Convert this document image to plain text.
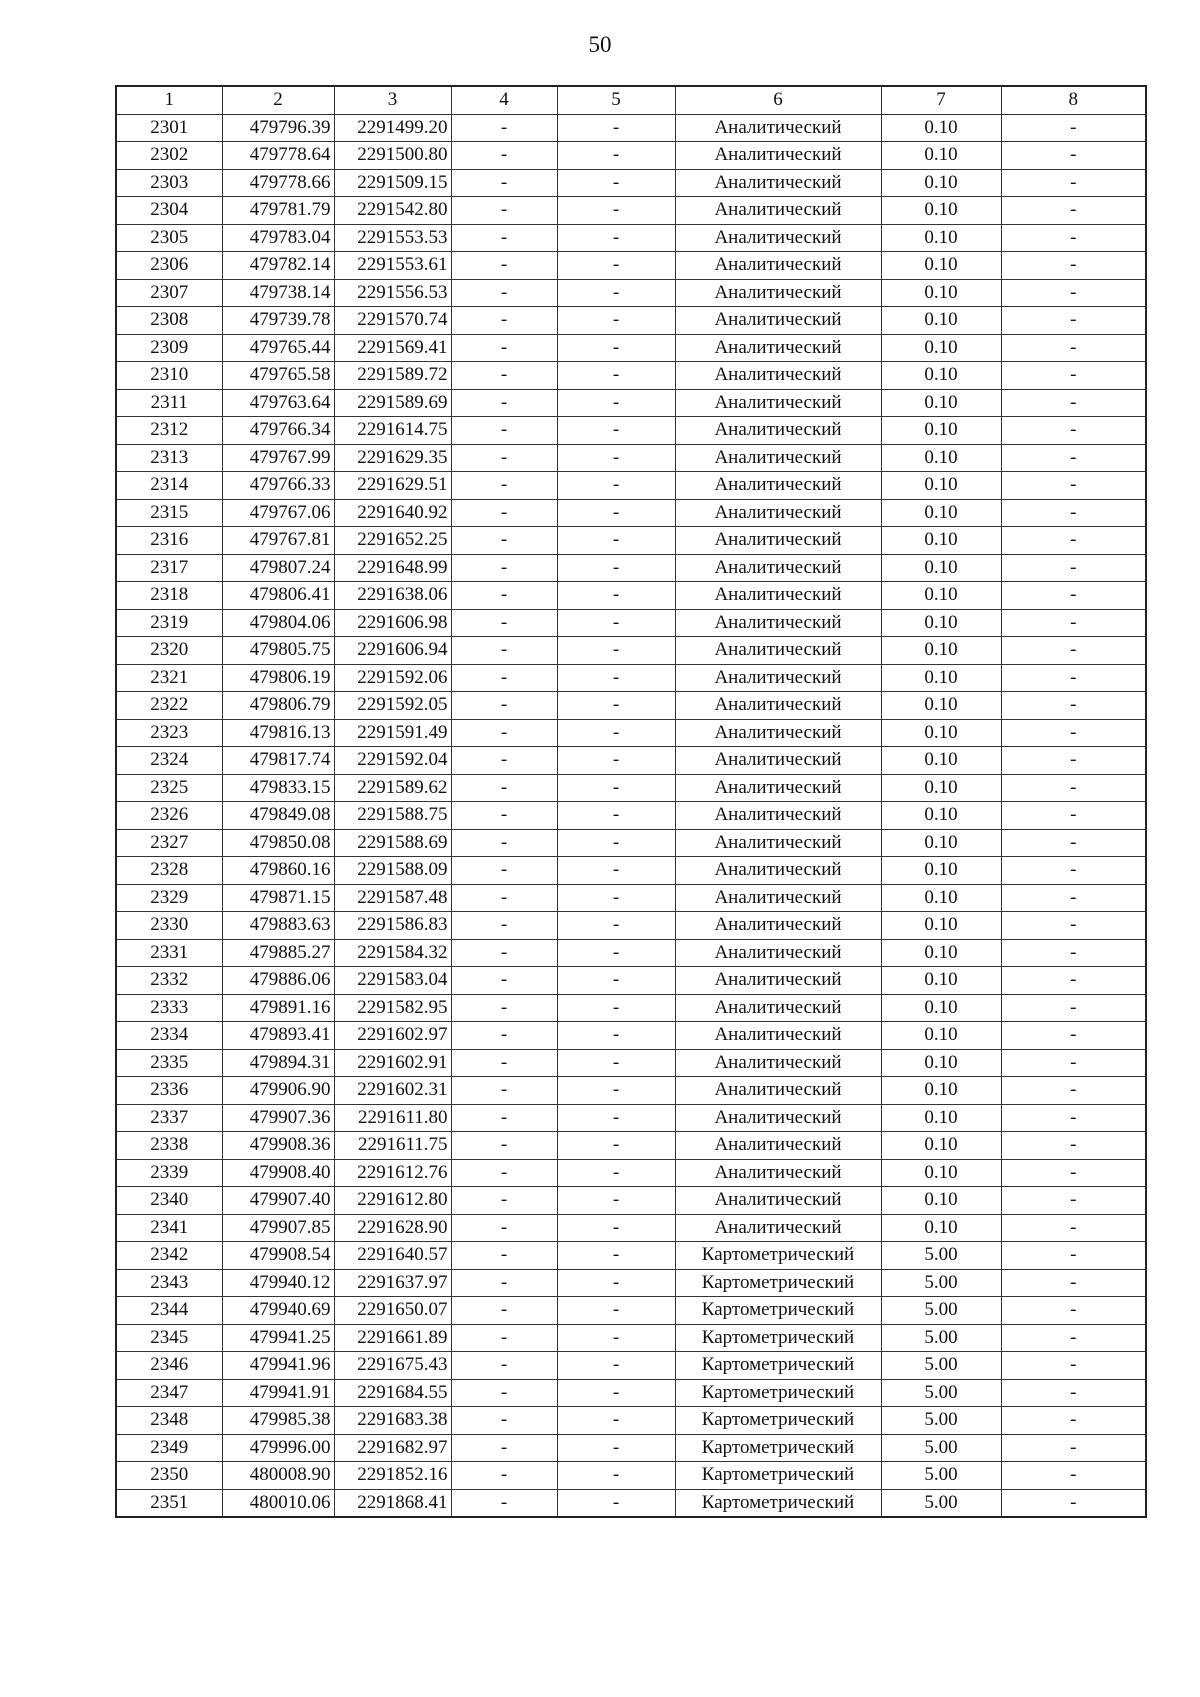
50
1	2	3	4	5	6	7	8
2301	479796.39	2291499.20	-	-	Аналитический	0.10	-
2302	479778.64	2291500.80	-	-	Аналитический	0.10	-
2303	479778.66	2291509.15	-	-	Аналитический	0.10	-
2304	479781.79	2291542.80	-	-	Аналитический	0.10	-
2305	479783.04	2291553.53	-	-	Аналитический	0.10	-
2306	479782.14	2291553.61	-	-	Аналитический	0.10	-
2307	479738.14	2291556.53	-	-	Аналитический	0.10	-
2308	479739.78	2291570.74	-	-	Аналитический	0.10	-
2309	479765.44	2291569.41	-	-	Аналитический	0.10	-
2310	479765.58	2291589.72	-	-	Аналитический	0.10	-
2311	479763.64	2291589.69	-	-	Аналитический	0.10	-
2312	479766.34	2291614.75	-	-	Аналитический	0.10	-
2313	479767.99	2291629.35	-	-	Аналитический	0.10	-
2314	479766.33	2291629.51	-	-	Аналитический	0.10	-
2315	479767.06	2291640.92	-	-	Аналитический	0.10	-
2316	479767.81	2291652.25	-	-	Аналитический	0.10	-
2317	479807.24	2291648.99	-	-	Аналитический	0.10	-
2318	479806.41	2291638.06	-	-	Аналитический	0.10	-
2319	479804.06	2291606.98	-	-	Аналитический	0.10	-
2320	479805.75	2291606.94	-	-	Аналитический	0.10	-
2321	479806.19	2291592.06	-	-	Аналитический	0.10	-
2322	479806.79	2291592.05	-	-	Аналитический	0.10	-
2323	479816.13	2291591.49	-	-	Аналитический	0.10	-
2324	479817.74	2291592.04	-	-	Аналитический	0.10	-
2325	479833.15	2291589.62	-	-	Аналитический	0.10	-
2326	479849.08	2291588.75	-	-	Аналитический	0.10	-
2327	479850.08	2291588.69	-	-	Аналитический	0.10	-
2328	479860.16	2291588.09	-	-	Аналитический	0.10	-
2329	479871.15	2291587.48	-	-	Аналитический	0.10	-
2330	479883.63	2291586.83	-	-	Аналитический	0.10	-
2331	479885.27	2291584.32	-	-	Аналитический	0.10	-
2332	479886.06	2291583.04	-	-	Аналитический	0.10	-
2333	479891.16	2291582.95	-	-	Аналитический	0.10	-
2334	479893.41	2291602.97	-	-	Аналитический	0.10	-
2335	479894.31	2291602.91	-	-	Аналитический	0.10	-
2336	479906.90	2291602.31	-	-	Аналитический	0.10	-
2337	479907.36	2291611.80	-	-	Аналитический	0.10	-
2338	479908.36	2291611.75	-	-	Аналитический	0.10	-
2339	479908.40	2291612.76	-	-	Аналитический	0.10	-
2340	479907.40	2291612.80	-	-	Аналитический	0.10	-
2341	479907.85	2291628.90	-	-	Аналитический	0.10	-
2342	479908.54	2291640.57	-	-	Картометрический	5.00	-
2343	479940.12	2291637.97	-	-	Картометрический	5.00	-
2344	479940.69	2291650.07	-	-	Картометрический	5.00	-
2345	479941.25	2291661.89	-	-	Картометрический	5.00	-
2346	479941.96	2291675.43	-	-	Картометрический	5.00	-
2347	479941.91	2291684.55	-	-	Картометрический	5.00	-
2348	479985.38	2291683.38	-	-	Картометрический	5.00	-
2349	479996.00	2291682.97	-	-	Картометрический	5.00	-
2350	480008.90	2291852.16	-	-	Картометрический	5.00	-
2351	480010.06	2291868.41	-	-	Картометрический	5.00	-
